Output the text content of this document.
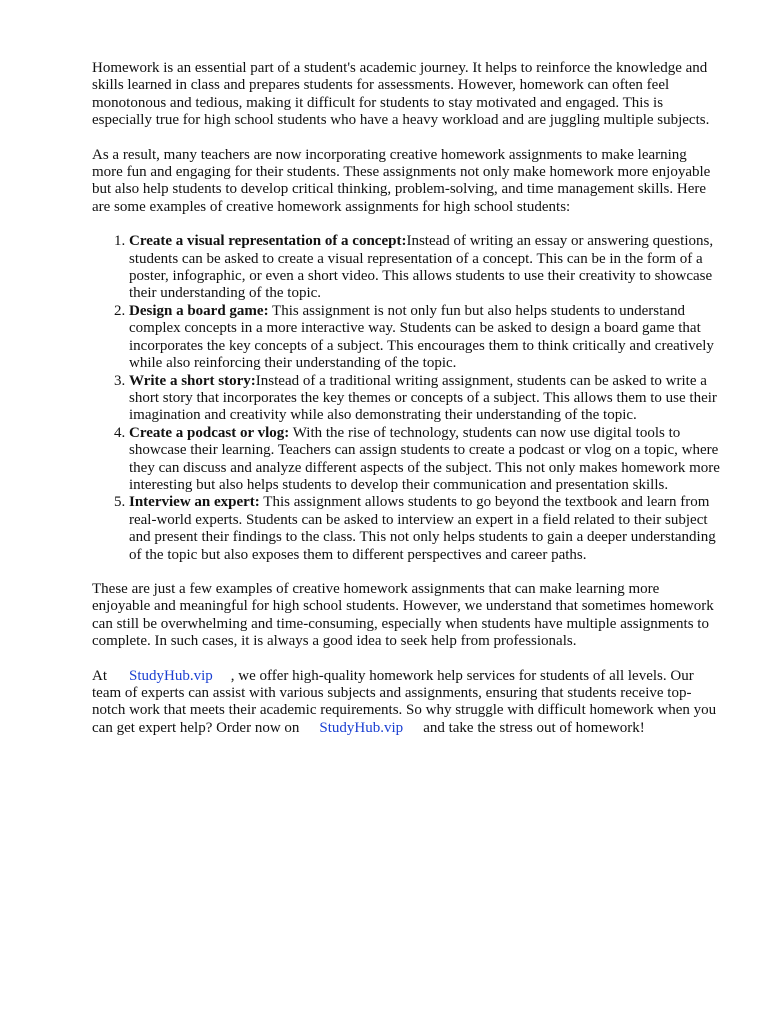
Homework is an essential part of a student's academic journey. It helps to reinforce the knowledge and skills learned in class and prepares students for assessments. However, homework can often feel monotonous and tedious, making it difficult for students to stay motivated and engaged. This is especially true for high school students who have a heavy workload and are juggling multiple subjects.

As a result, many teachers are now incorporating creative homework assignments to make learning more fun and engaging for their students. These assignments not only make homework more enjoyable but also help students to develop critical thinking, problem-solving, and time management skills. Here are some examples of creative homework assignments for high school students:

1. Create a visual representation of a concept:Instead of writing an essay or answering questions, students can be asked to create a visual representation of a concept. This can be in the form of a poster, infographic, or even a short video. This allows students to use their creativity to showcase their understanding of the topic.
2. Design a board game: This assignment is not only fun but also helps students to understand complex concepts in a more interactive way. Students can be asked to design a board game that incorporates the key concepts of a subject. This encourages them to think critically and creatively while also reinforcing their understanding of the topic.
3. Write a short story:Instead of a traditional writing assignment, students can be asked to write a short story that incorporates the key themes or concepts of a subject. This allows them to use their imagination and creativity while also demonstrating their understanding of the topic.
4. Create a podcast or vlog: With the rise of technology, students can now use digital tools to showcase their learning. Teachers can assign students to create a podcast or vlog on a topic, where they can discuss and analyze different aspects of the subject. This not only makes homework more interesting but also helps students to develop their communication and presentation skills.
5. Interview an expert: This assignment allows students to go beyond the textbook and learn from real-world experts. Students can be asked to interview an expert in a field related to their subject and present their findings to the class. This not only helps students to gain a deeper understanding of the topic but also exposes them to different perspectives and career paths.

These are just a few examples of creative homework assignments that can make learning more enjoyable and meaningful for high school students. However, we understand that sometimes homework can still be overwhelming and time-consuming, especially when students have multiple assignments to complete. In such cases, it is always a good idea to seek help from professionals.

At StudyHub.vip , we offer high-quality homework help services for students of all levels. Our team of experts can assist with various subjects and assignments, ensuring that students receive top-notch work that meets their academic requirements. So why struggle with difficult homework when you can get expert help? Order now on StudyHub.vip and take the stress out of homework!
